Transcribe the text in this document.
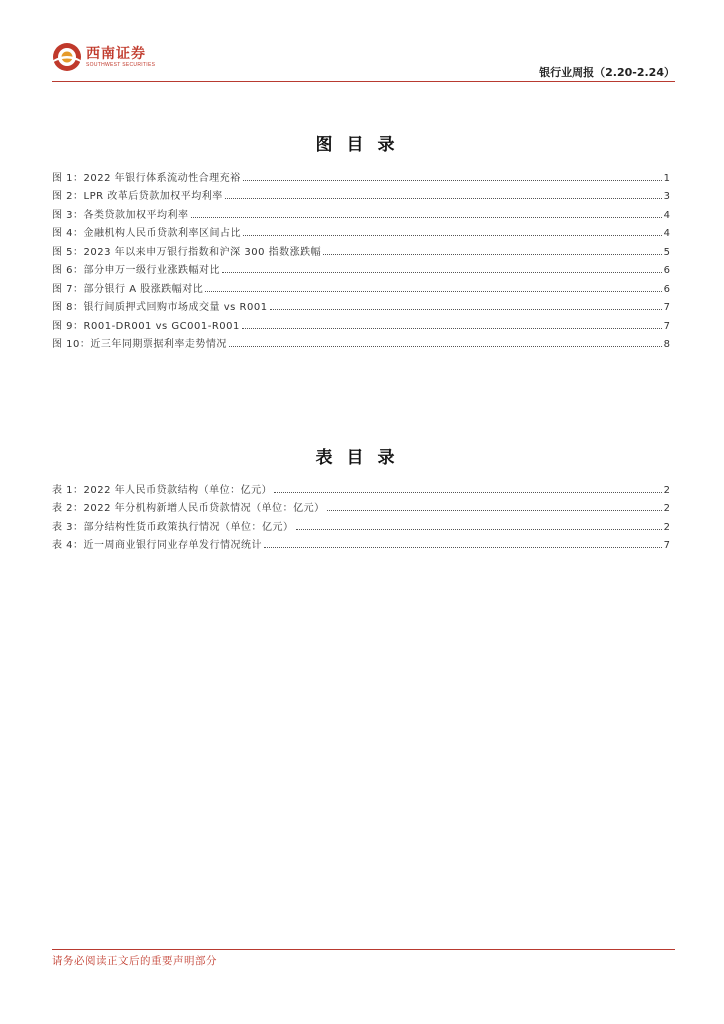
西南证券
SOUTHWEST SECURITIES
银行业周报（2.20-2.24）
图目录
图 1：2022 年银行体系流动性合理充裕	1
图 2：LPR 改革后贷款加权平均利率	3
图 3：各类贷款加权平均利率	4
图 4：金融机构人民币贷款利率区间占比	4
图 5：2023 年以来申万银行指数和沪深 300 指数涨跌幅	5
图 6：部分申万一级行业涨跌幅对比	6
图 7：部分银行 A 股涨跌幅对比	6
图 8：银行间质押式回购市场成交量 vs R001	7
图 9：R001-DR001 vs GC001-R001	7
图 10：近三年同期票据利率走势情况	8
表目录
表 1：2022 年人民币贷款结构（单位：亿元）	2
表 2：2022 年分机构新增人民币贷款情况（单位：亿元）	2
表 3：部分结构性货币政策执行情况（单位：亿元）	2
表 4：近一周商业银行同业存单发行情况统计	7
请务必阅读正文后的重要声明部分
